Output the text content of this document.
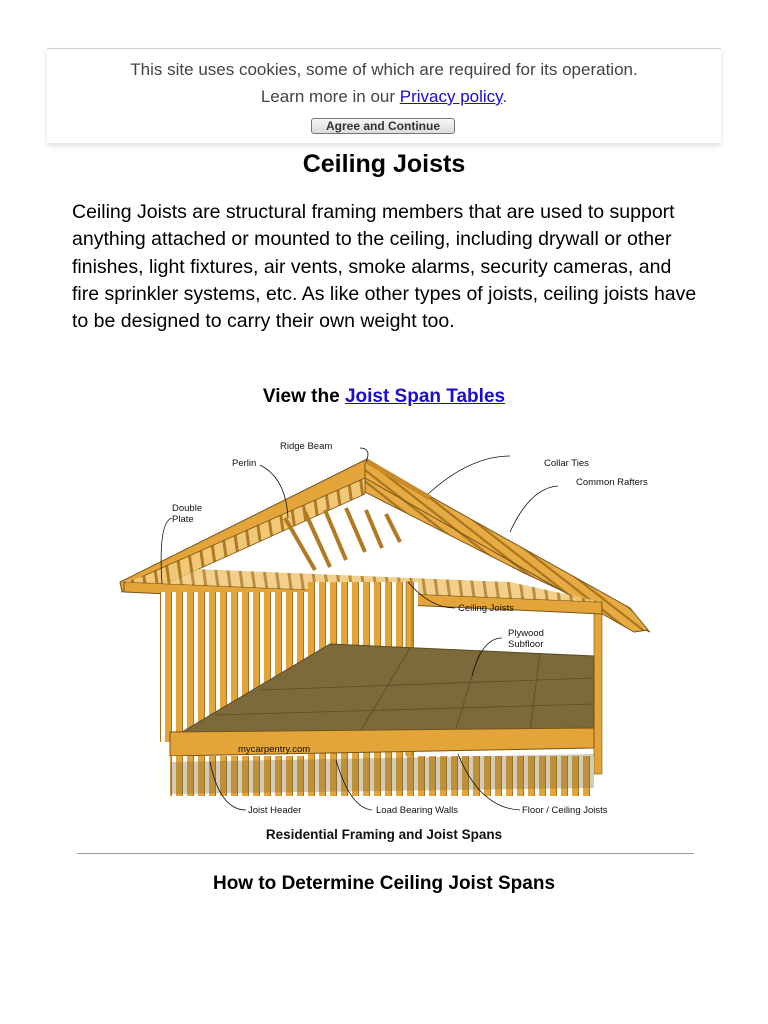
This site uses cookies, some of which are required for its operation.
Learn more in our Privacy policy.
Agree and Continue
Ceiling Joists

Ceiling Joists are structural framing members that are used to support anything attached or mounted to the ceiling, including drywall or other finishes, light fixtures, air vents, smoke alarms, security cameras, and fire sprinkler systems, etc. As like other types of joists, ceiling joists have to be designed to carry their own weight too.

View the Joist Span Tables
Ridge Beam
Perlin	Collar Ties
Common Rafters
Double
Plate
Ceiling Joists
Plywood
Subfloor
mycarpentry.com
Joist Header	Load Bearing Walls	Floor / Ceiling Joists
Residential Framing and Joist Spans
How to Determine Ceiling Joist Spans
